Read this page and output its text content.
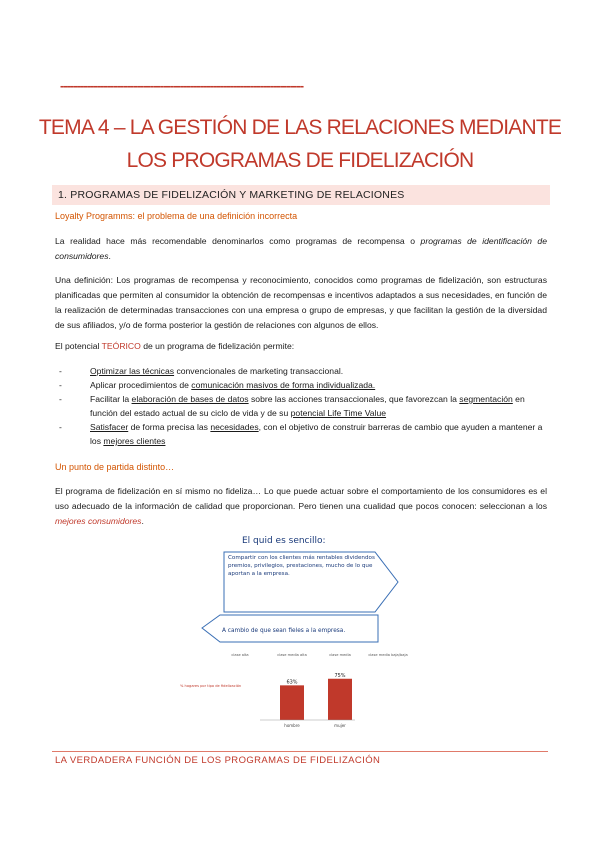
-------------------------------------------------------------------------
TEMA 4 – LA GESTIÓN DE LAS RELACIONES MEDIANTE
LOS PROGRAMAS DE FIDELIZACIÓN
1. PROGRAMAS DE FIDELIZACIÓN Y MARKETING DE RELACIONES
Loyalty Programms: el problema de una definición incorrecta
La realidad hace más recomendable denominarlos como programas de recompensa o programas de identificación de consumidores.
Una definición: Los programas de recompensa y reconocimiento, conocidos como programas de fidelización, son estructuras planificadas que permiten al consumidor la obtención de recompensas e incentivos adaptados a sus necesidades, en función de la realización de determinadas transacciones con una empresa o grupo de empresas, y que facilitan la gestión de la diversidad de sus afiliados, y/o de forma posterior la gestión de relaciones con algunos de ellos.
El potencial TEÓRICO de un programa de fidelización permite:
- Optimizar las técnicas convencionales de marketing transaccional.
- Aplicar procedimientos de comunicación masivos de forma individualizada.
- Facilitar la elaboración de bases de datos sobre las acciones transaccionales, que favorezcan la segmentación en función del estado actual de su ciclo de vida y de su potencial Life Time Value
- Satisfacer de forma precisa las necesidades, con el objetivo de construir barreras de cambio que ayuden a mantener a los mejores clientes
Un punto de partida distinto…
El programa de fidelización en sí mismo no fideliza… Lo que puede actuar sobre el comportamiento de los consumidores es el uso adecuado de la información de calidad que proporcionan. Pero tienen una cualidad que pocos conocen: seleccionan a los mejores consumidores.
El quid es sencillo:
Compartir con los clientes más rentables dividendos premios, privilegios, prestaciones, mucho de lo que aportan a la empresa.
A cambio de que sean fieles a la empresa.
clase alta	clase media alta	clase media	clase media baja/baja
% hogares por tipo de fidelización
63%
hombre
75%
mujer
LA VERDADERA FUNCIÓN DE LOS PROGRAMAS DE FIDELIZACIÓN
